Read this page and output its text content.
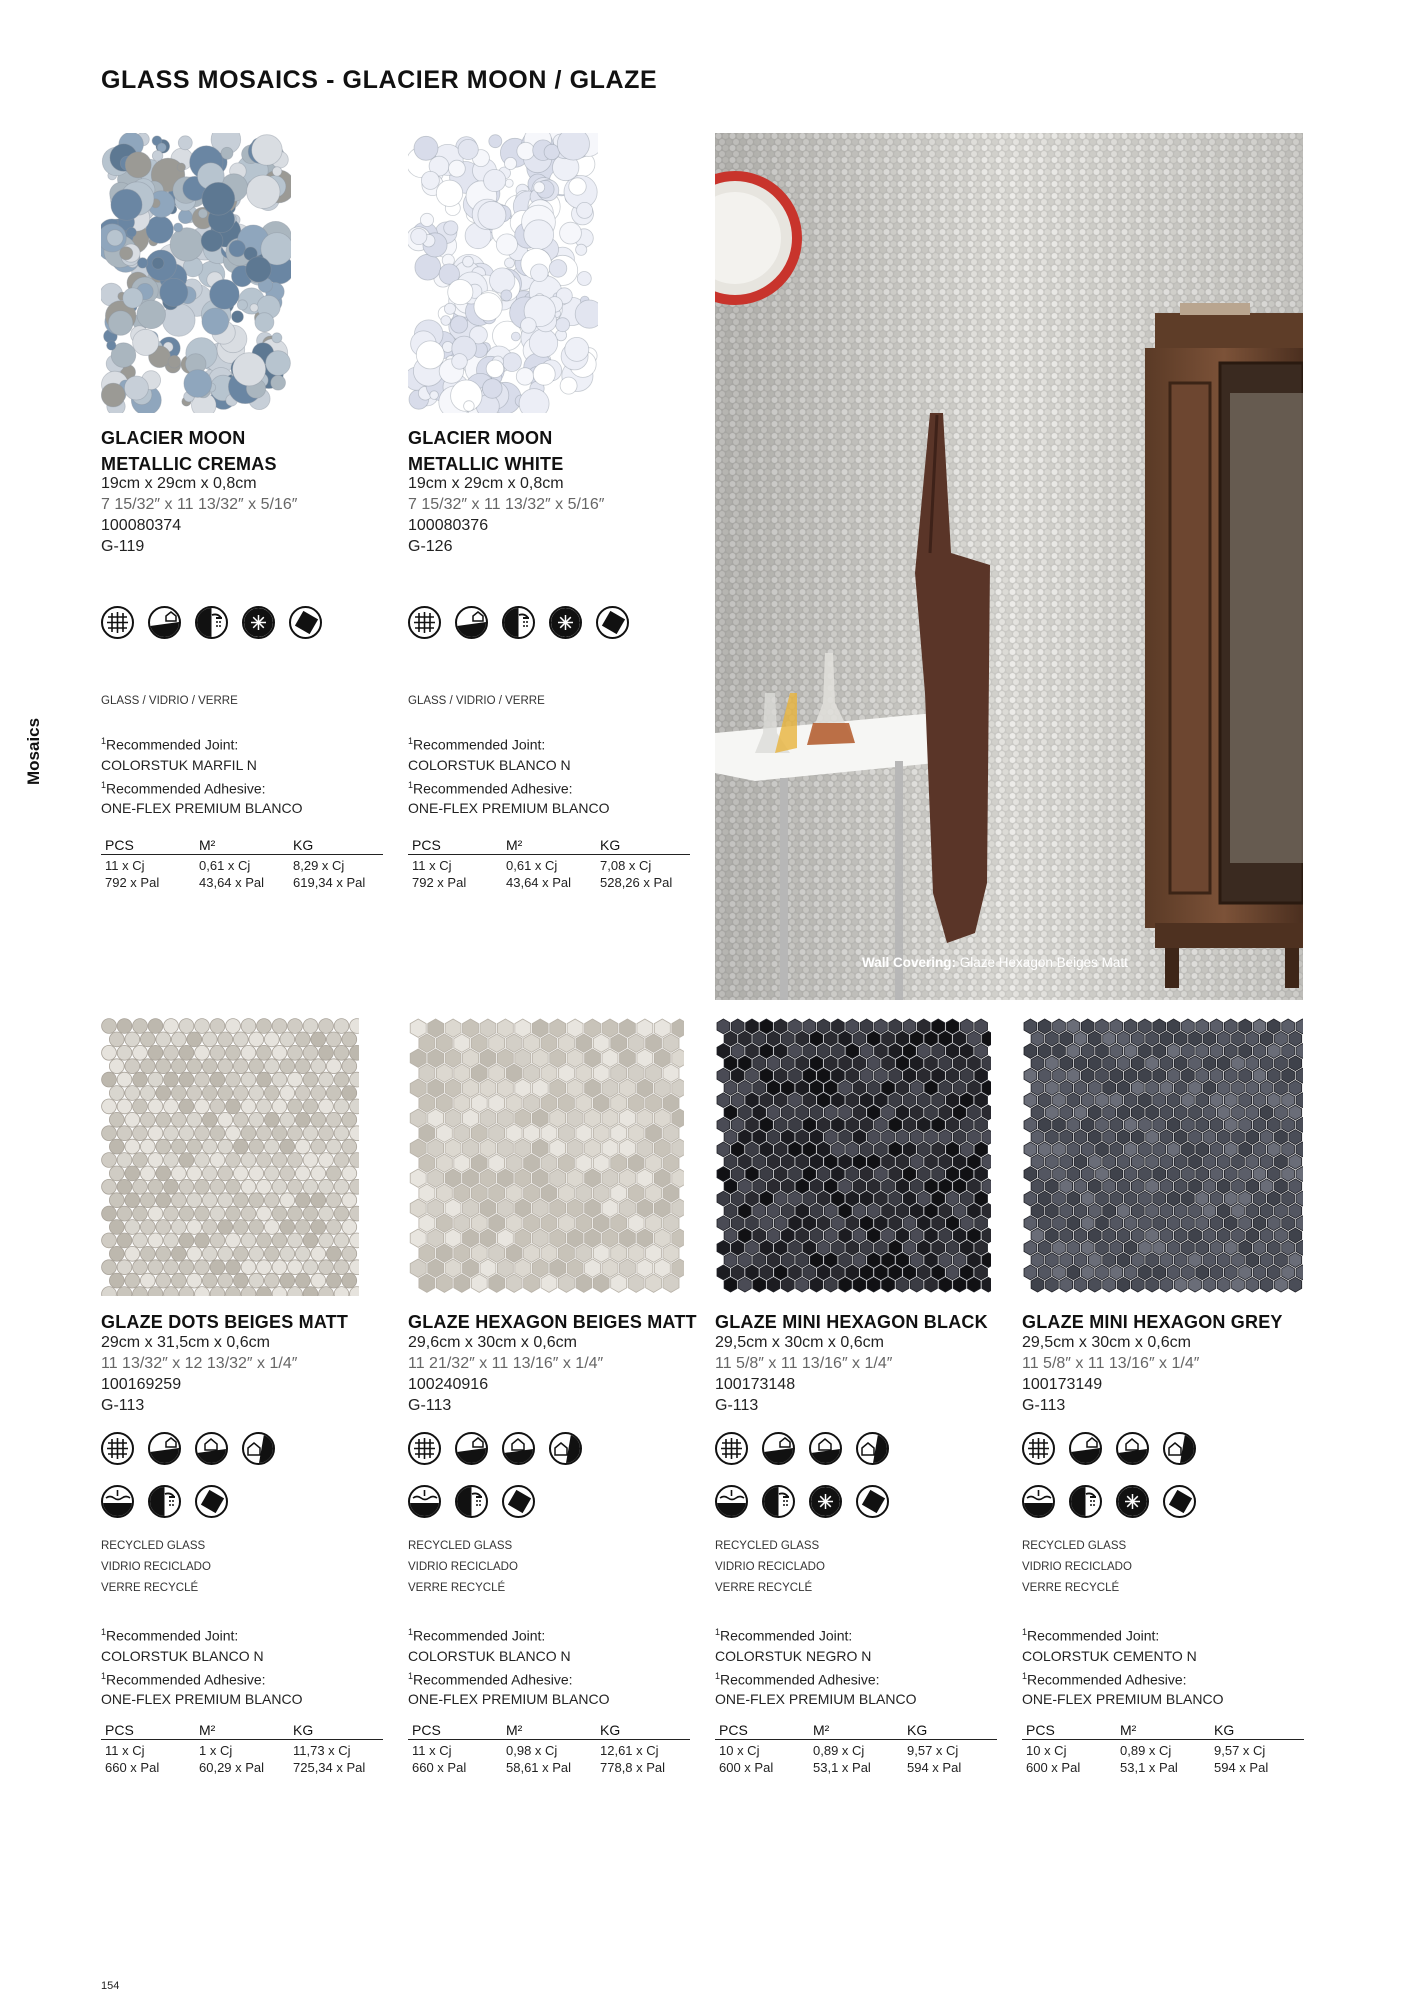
GLASS MOSAICS - GLACIER MOON / GLAZE
Mosaics
154
Wall Covering: Glaze Hexagon Beiges Matt
GLACIER MOON
METALLIC CREMAS
19cm x 29cm x 0,8cm
7 15/32″ x 11 13/32″ x 5/16″
100080374
G-119
GLASS / VIDRIO / VERRE
$^1$Recommended Joint:
COLORSTUK MARFIL N
$^1$Recommended Adhesive:
ONE-FLEX PREMIUM BLANCO
PCS	M²	KG
11 x Cj	0,61 x Cj	8,29 x Cj
792 x Pal	43,64 x Pal	619,34 x Pal
GLACIER MOON
METALLIC WHITE
19cm x 29cm x 0,8cm
7 15/32″ x 11 13/32″ x 5/16″
100080376
G-126
GLASS / VIDRIO / VERRE
$^1$Recommended Joint:
COLORSTUK BLANCO N
$^1$Recommended Adhesive:
ONE-FLEX PREMIUM BLANCO
PCS	M²	KG
11 x Cj	0,61 x Cj	7,08 x Cj
792 x Pal	43,64 x Pal	528,26 x Pal
GLAZE DOTS BEIGES MATT
29cm x 31,5cm x 0,6cm
11 13/32″ x 12 13/32″ x 1/4″
100169259
G-113
RECYCLED GLASS
VIDRIO RECICLADO
VERRE RECYCLÉ
$^1$Recommended Joint:
COLORSTUK BLANCO N
$^1$Recommended Adhesive:
ONE-FLEX PREMIUM BLANCO
PCS	M²	KG
11 x Cj	1 x Cj	11,73 x Cj
660 x Pal	60,29 x Pal	725,34 x Pal
GLAZE HEXAGON BEIGES MATT
29,6cm x 30cm x 0,6cm
11 21/32″ x 11 13/16″ x 1/4″
100240916
G-113
RECYCLED GLASS
VIDRIO RECICLADO
VERRE RECYCLÉ
$^1$Recommended Joint:
COLORSTUK BLANCO N
$^1$Recommended Adhesive:
ONE-FLEX PREMIUM BLANCO
PCS	M²	KG
11 x Cj	0,98 x Cj	12,61 x Cj
660 x Pal	58,61 x Pal	778,8 x Pal
GLAZE MINI HEXAGON BLACK
29,5cm x 30cm x 0,6cm
11 5/8″ x 11 13/16″ x 1/4″
100173148
G-113
RECYCLED GLASS
VIDRIO RECICLADO
VERRE RECYCLÉ
$^1$Recommended Joint:
COLORSTUK NEGRO N
$^1$Recommended Adhesive:
ONE-FLEX PREMIUM BLANCO
PCS	M²	KG
10 x Cj	0,89 x Cj	9,57 x Cj
600 x Pal	53,1 x Pal	594 x Pal
GLAZE MINI HEXAGON GREY
29,5cm x 30cm x 0,6cm
11 5/8″ x 11 13/16″ x 1/4″
100173149
G-113
RECYCLED GLASS
VIDRIO RECICLADO
VERRE RECYCLÉ
$^1$Recommended Joint:
COLORSTUK CEMENTO N
$^1$Recommended Adhesive:
ONE-FLEX PREMIUM BLANCO
PCS	M²	KG
10 x Cj	0,89 x Cj	9,57 x Cj
600 x Pal	53,1 x Pal	594 x Pal
